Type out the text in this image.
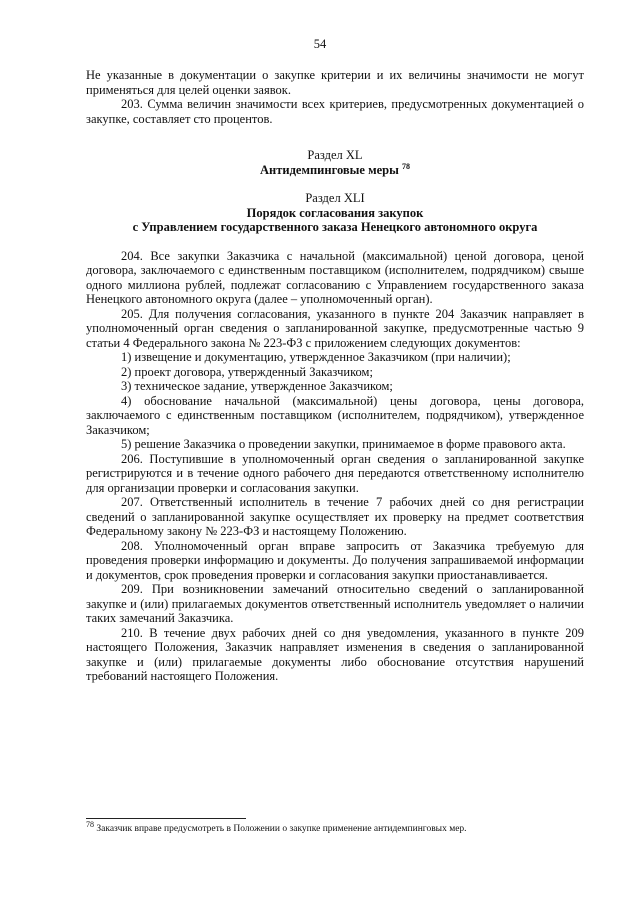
54

Не указанные в документации о закупке критерии и их величины значимости не могут применяться для целей оценки заявок.

203. Сумма величин значимости всех критериев, предусмотренных документацией о закупке, составляет сто процентов.

Раздел XL

Антидемпинговые меры $^{78}$

Раздел XLI

Порядок согласования закупок

с Управлением государственного заказа Ненецкого автономного округа

204. Все закупки Заказчика с начальной (максимальной) ценой договора, ценой договора, заключаемого с единственным поставщиком (исполнителем, подрядчиком) свыше одного миллиона рублей, подлежат согласованию с Управлением государственного заказа Ненецкого автономного округа (далее – уполномоченный орган).

205. Для получения согласования, указанного в пункте 204 Заказчик направляет в уполномоченный орган сведения о запланированной закупке, предусмотренные частью 9 статьи 4 Федерального закона № 223-ФЗ с приложением следующих документов:

1) извещение и документацию, утвержденное Заказчиком (при наличии);

2) проект договора, утвержденный Заказчиком;

3) техническое задание, утвержденное Заказчиком;

4) обоснование начальной (максимальной) цены договора, цены договора, заключаемого с единственным поставщиком (исполнителем, подрядчиком), утвержденное Заказчиком;

5) решение Заказчика о проведении закупки, принимаемое в форме правового акта.

206. Поступившие в уполномоченный орган сведения о запланированной закупке регистрируются и в течение одного рабочего дня передаются ответственному исполнителю для организации проверки и согласования закупки.

207. Ответственный исполнитель в течение 7 рабочих дней со дня регистрации сведений о запланированной закупке осуществляет их проверку на предмет соответствия Федеральному закону № 223-ФЗ и настоящему Положению.

208. Уполномоченный орган вправе запросить от Заказчика требуемую для проведения проверки информацию и документы. До получения запрашиваемой информации и документов, срок проведения проверки и согласования закупки приостанавливается.

209. При возникновении замечаний относительно сведений о запланированной закупке и (или) прилагаемых документов ответственный исполнитель уведомляет о наличии таких замечаний Заказчика.

210. В течение двух рабочих дней со дня уведомления, указанного в пункте 209 настоящего Положения, Заказчик направляет изменения в сведения о запланированной закупке и (или) прилагаемые документы либо обоснование отсутствия нарушений требований настоящего Положения.

$^{78}$ Заказчик вправе предусмотреть в Положении о закупке применение антидемпинговых мер.
